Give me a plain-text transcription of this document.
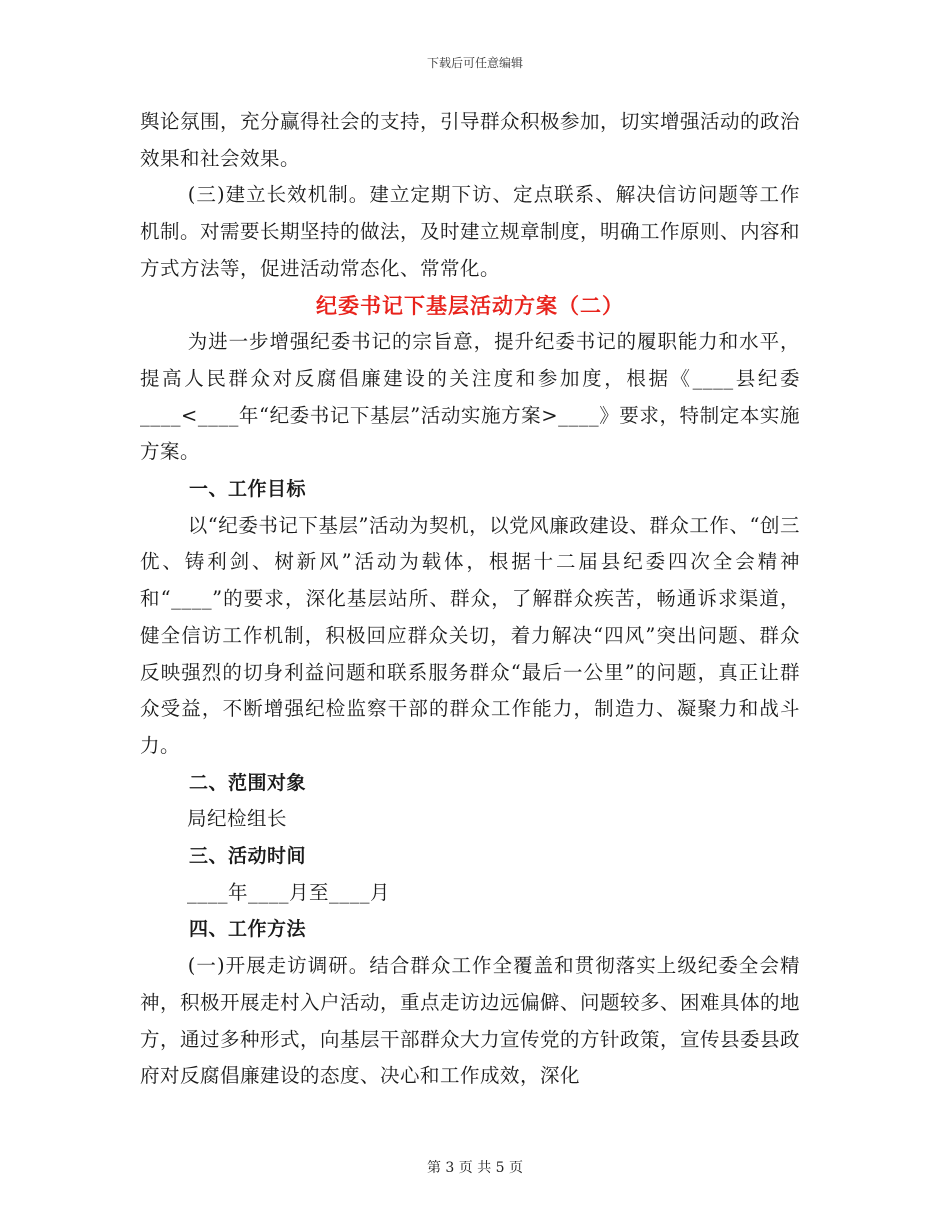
下载后可任意编辑

舆论氛围，充分赢得社会的支持，引导群众积极参加，切实增强活动的政治效果和社会效果。

(三)建立长效机制。建立定期下访、定点联系、解决信访问题等工作机制。对需要长期坚持的做法，及时建立规章制度，明确工作原则、内容和方式方法等，促进活动常态化、常常化。

纪委书记下基层活动方案（二）

为进一步增强纪委书记的宗旨意，提升纪委书记的履职能力和水平，提高人民群众对反腐倡廉建设的关注度和参加度，根据《____县纪委____<____年“纪委书记下基层”活动实施方案>____》要求，特制定本实施方案。

一、工作目标

以“纪委书记下基层”活动为契机，以党风廉政建设、群众工作、“创三优、铸利剑、树新风”活动为载体，根据十二届县纪委四次全会精神和“____”的要求，深化基层站所、群众，了解群众疾苦，畅通诉求渠道，健全信访工作机制，积极回应群众关切，着力解决“四风”突出问题、群众反映强烈的切身利益问题和联系服务群众“最后一公里”的问题，真正让群众受益，不断增强纪检监察干部的群众工作能力，制造力、凝聚力和战斗力。

二、范围对象

局纪检组长

三、活动时间

____年____月至____月

四、工作方法

(一)开展走访调研。结合群众工作全覆盖和贯彻落实上级纪委全会精神，积极开展走村入户活动，重点走访边远偏僻、问题较多、困难具体的地方，通过多种形式，向基层干部群众大力宣传党的方针政策，宣传县委县政府对反腐倡廉建设的态度、决心和工作成效，深化

第 3 页 共 5 页
